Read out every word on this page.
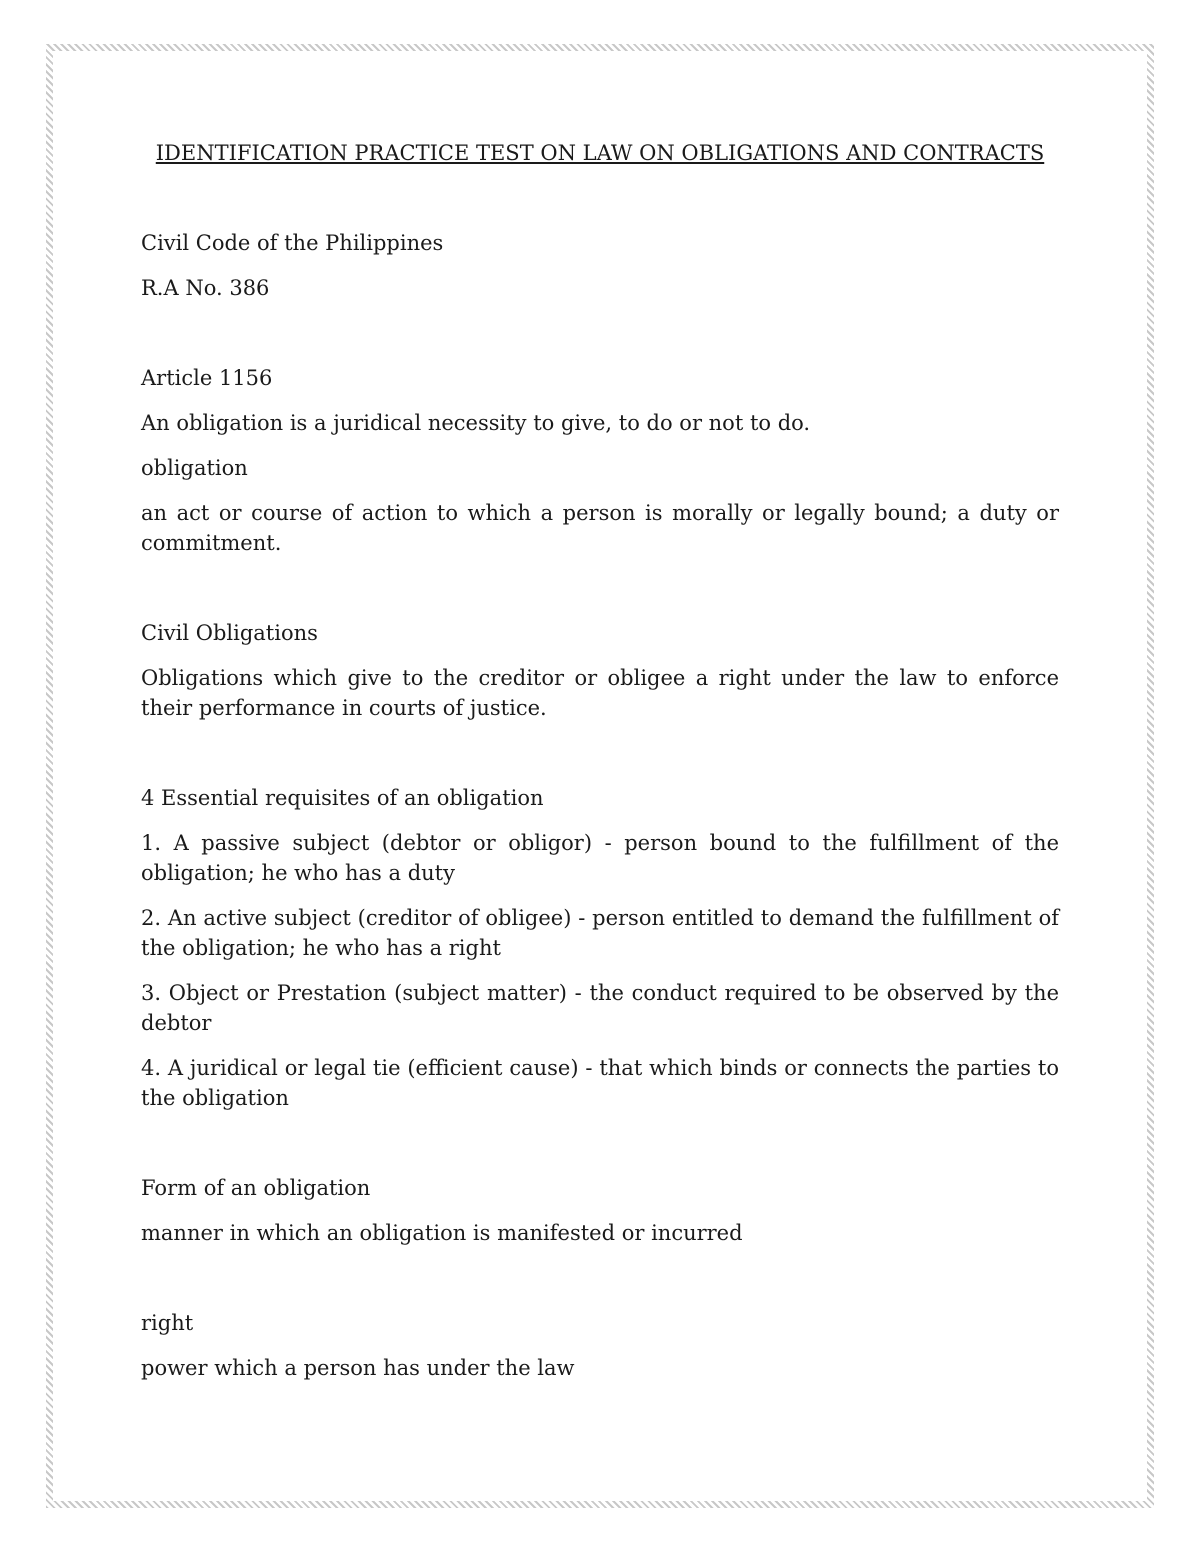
IDENTIFICATION PRACTICE TEST ON LAW ON OBLIGATIONS AND CONTRACTS

Civil Code of the Philippines

R.A No. 386

Article 1156

An obligation is a juridical necessity to give, to do or not to do.

obligation

an act or course of action to which a person is morally or legally bound; a duty or commitment.

Civil Obligations

Obligations which give to the creditor or obligee a right under the law to enforce their performance in courts of justice.

4 Essential requisites of an obligation

1. A passive subject (debtor or obligor) - person bound to the fulfillment of the obligation; he who has a duty

2. An active subject (creditor of obligee) - person entitled to demand the fulfillment of the obligation; he who has a right

3. Object or Prestation (subject matter) - the conduct required to be observed by the debtor

4. A juridical or legal tie (efficient cause) - that which binds or connects the parties to the obligation

Form of an obligation

manner in which an obligation is manifested or incurred

right

power which a person has under the law
